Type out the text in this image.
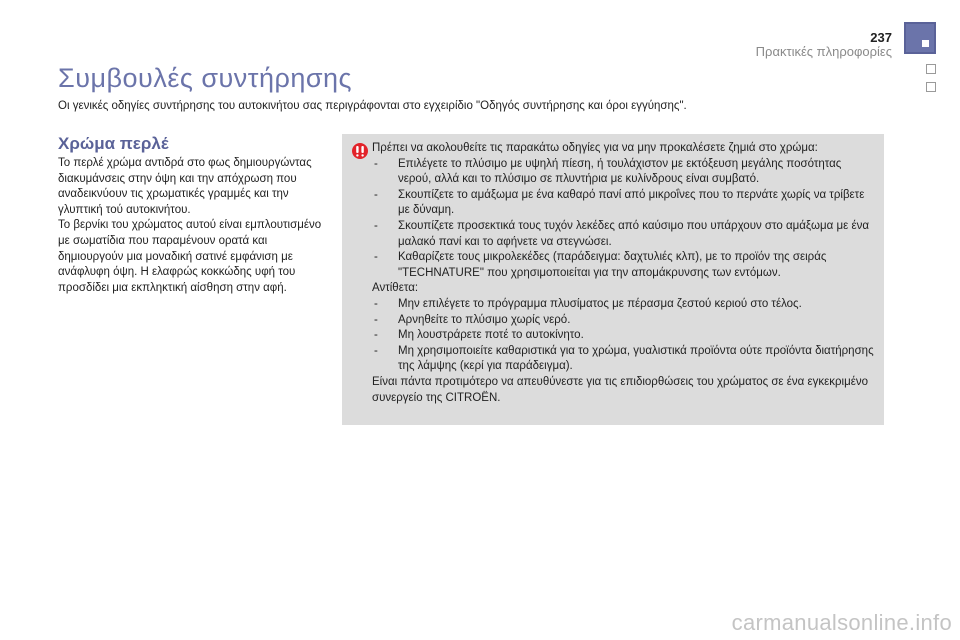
237
Πρακτικές πληροφορίες
Συμβουλές συντήρησης
Οι γενικές οδηγίες συντήρησης του αυτοκινήτου σας περιγράφονται στο εγχειρίδιο "Οδηγός συντήρησης και όροι εγγύησης".
Χρώμα περλέ

Το περλέ χρώμα αντιδρά στο φως δημιουργώντας διακυμάνσεις στην όψη και την απόχρωση που αναδεικνύουν τις χρωματικές γραμμές και την γλυπτική τού αυτοκινήτου.

Το βερνίκι του χρώματος αυτού είναι εμπλουτισμένο με σωματίδια που παραμένουν ορατά και δημιουργούν μια μοναδική σατινέ εμφάνιση με ανάφλυφη όψη. Η ελαφρώς κοκκώδης υφή του προσδίδει μια εκπληκτική αίσθηση στην αφή.

Πρέπει να ακολουθείτε τις παρακάτω οδηγίες για να μην προκαλέσετε ζημιά στο χρώμα:

-	Επιλέγετε το πλύσιμο με υψηλή πίεση, ή τουλάχιστον με εκτόξευση μεγάλης ποσότητας νερού, αλλά και το πλύσιμο σε πλυντήρια με κυλίνδρους είναι συμβατό.
-	Σκουπίζετε το αμάξωμα με ένα καθαρό πανί από μικροΐνες που το περνάτε χωρίς να τρίβετε με δύναμη.
-	Σκουπίζετε προσεκτικά τους τυχόν λεκέδες από καύσιμο που υπάρχουν στο αμάξωμα με ένα μαλακό πανί και το αφήνετε να στεγνώσει.
-	Καθαρίζετε τους μικρολεκέδες (παράδειγμα: δαχτυλιές κλπ), με το προϊόν της σειράς "TECHNATURE" που χρησιμοποιείται για την απομάκρυνσης των εντόμων.

Αντίθετα:

-	Μην επιλέγετε το πρόγραμμα πλυσίματος με πέρασμα ζεστού κεριού στο τέλος.
-	Αρνηθείτε το πλύσιμο χωρίς νερό.
-	Μη λουστράρετε ποτέ το αυτοκίνητο.
-	Μη χρησιμοποιείτε καθαριστικά για το χρώμα, γυαλιστικά προϊόντα ούτε προϊόντα διατήρησης της λάμψης (κερί για παράδειγμα).

Είναι πάντα προτιμότερο να απευθύνεστε για τις επιδιορθώσεις του χρώματος σε ένα εγκεκριμένο συνεργείο της CITROËN.

carmanualsonline.info
